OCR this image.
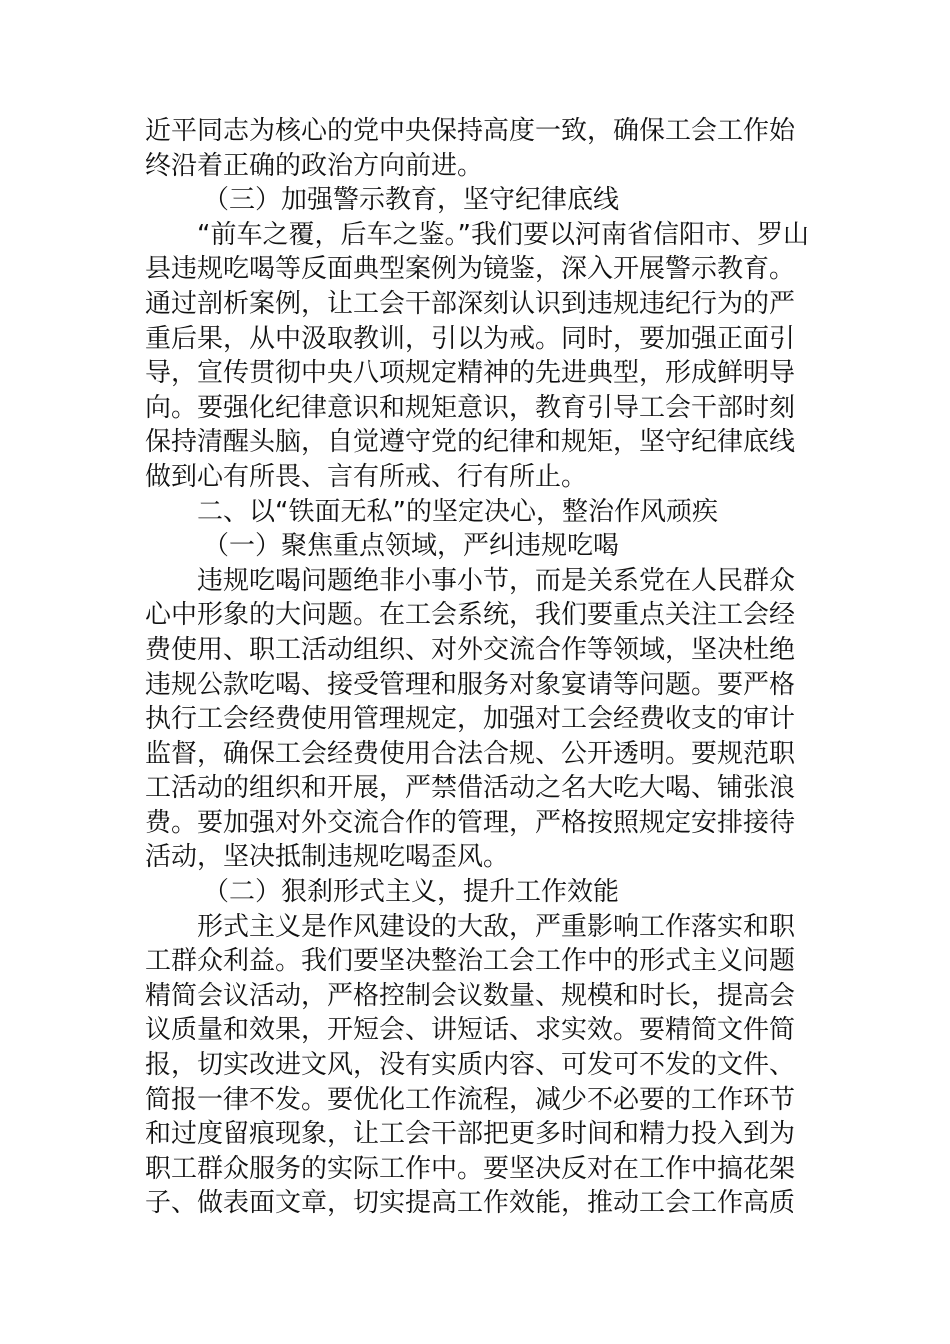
近平同志为核心的党中央保持高度一致，确保工会工作始
终沿着正确的政治方向前进。
（三）加强警示教育，坚守纪律底线
“前车之覆，后车之鉴。”我们要以河南省信阳市、罗山
县违规吃喝等反面典型案例为镜鉴，深入开展警示教育。
通过剖析案例，让工会干部深刻认识到违规违纪行为的严
重后果，从中汲取教训，引以为戒。同时，要加强正面引
导，宣传贯彻中央八项规定精神的先进典型，形成鲜明导
向。要强化纪律意识和规矩意识，教育引导工会干部时刻
保持清醒头脑，自觉遵守党的纪律和规矩，坚守纪律底线
做到心有所畏、言有所戒、行有所止。
二、以“铁面无私”的坚定决心，整治作风顽疾
（一）聚焦重点领域，严纠违规吃喝
违规吃喝问题绝非小事小节，而是关系党在人民群众
心中形象的大问题。在工会系统，我们要重点关注工会经
费使用、职工活动组织、对外交流合作等领域，坚决杜绝
违规公款吃喝、接受管理和服务对象宴请等问题。要严格
执行工会经费使用管理规定，加强对工会经费收支的审计
监督，确保工会经费使用合法合规、公开透明。要规范职
工活动的组织和开展，严禁借活动之名大吃大喝、铺张浪
费。要加强对外交流合作的管理，严格按照规定安排接待
活动，坚决抵制违规吃喝歪风。
（二）狠刹形式主义，提升工作效能
形式主义是作风建设的大敌，严重影响工作落实和职
工群众利益。我们要坚决整治工会工作中的形式主义问题
精简会议活动，严格控制会议数量、规模和时长，提高会
议质量和效果，开短会、讲短话、求实效。要精简文件简
报，切实改进文风，没有实质内容、可发可不发的文件、
简报一律不发。要优化工作流程，减少不必要的工作环节
和过度留痕现象，让工会干部把更多时间和精力投入到为
职工群众服务的实际工作中。要坚决反对在工作中搞花架
子、做表面文章，切实提高工作效能，推动工会工作高质
